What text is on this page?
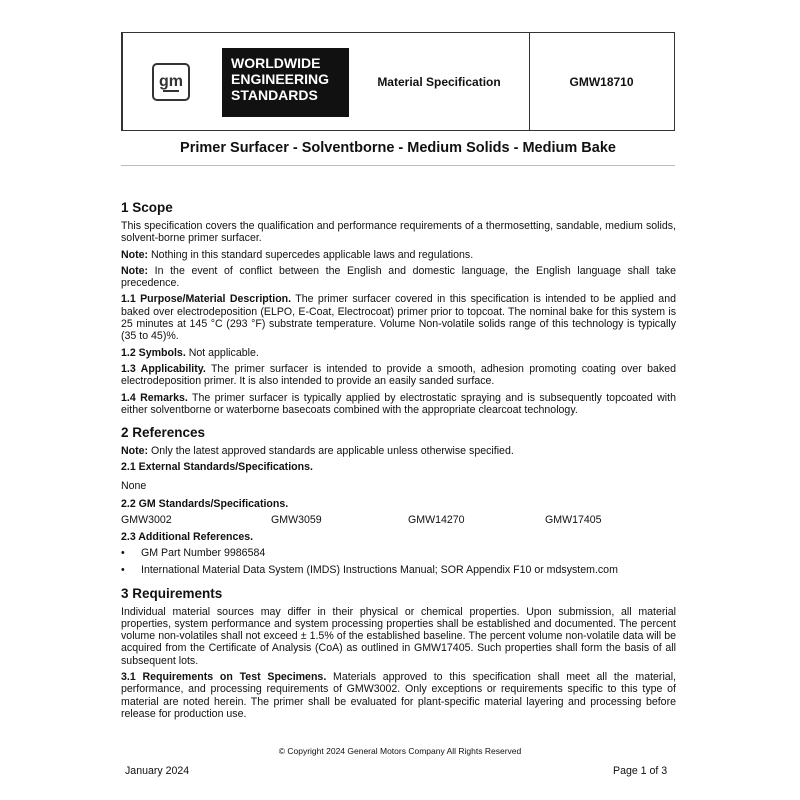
gm
WORLDWIDE
ENGINEERING
STANDARDS
Material Specification	GMW18710
Primer Surfacer - Solventborne - Medium Solids - Medium Bake
1 Scope

This specification covers the qualification and performance requirements of a thermosetting, sandable, medium solids, solvent-borne primer surfacer.

Note: Nothing in this standard supercedes applicable laws and regulations.

Note: In the event of conflict between the English and domestic language, the English language shall take precedence.

1.1 Purpose/Material Description. The primer surfacer covered in this specification is intended to be applied and baked over electrodeposition (ELPO, E-Coat, Electrocoat) primer prior to topcoat. The nominal bake for this system is 25 minutes at 145 °C (293 °F) substrate temperature. Volume Non-volatile solids range of this technology is typically (35 to 45)%.

1.2 Symbols. Not applicable.

1.3 Applicability. The primer surfacer is intended to provide a smooth, adhesion promoting coating over baked electrodeposition primer. It is also intended to provide an easily sanded surface.

1.4 Remarks. The primer surfacer is typically applied by electrostatic spraying and is subsequently topcoated with either solventborne or waterborne basecoats combined with the appropriate clearcoat technology.

2 References

Note: Only the latest approved standards are applicable unless otherwise specified.

2.1 External Standards/Specifications.

None

2.2 GM Standards/Specifications.

GMW3002	GMW3059	GMW14270	GMW17405

2.3 Additional References.

•	GM Part Number 9986584
•	International Material Data System (IMDS) Instructions Manual; SOR Appendix F10 or mdsystem.com
3 Requirements

Individual material sources may differ in their physical or chemical properties. Upon submission, all material properties, system performance and system processing properties shall be established and documented. The percent volume non-volatiles shall not exceed ± 1.5% of the established baseline. The percent volume non-volatile data will be acquired from the Certificate of Analysis (CoA) as outlined in GMW17405. Such properties shall form the basis of all subsequent lots.

3.1 Requirements on Test Specimens. Materials approved to this specification shall meet all the material, performance, and processing requirements of GMW3002. Only exceptions or requirements specific to this type of material are noted herein. The primer shall be evaluated for plant-specific material layering and processing before release for production use.

© Copyright 2024 General Motors Company All Rights Reserved
January 2024	Page 1 of 3
